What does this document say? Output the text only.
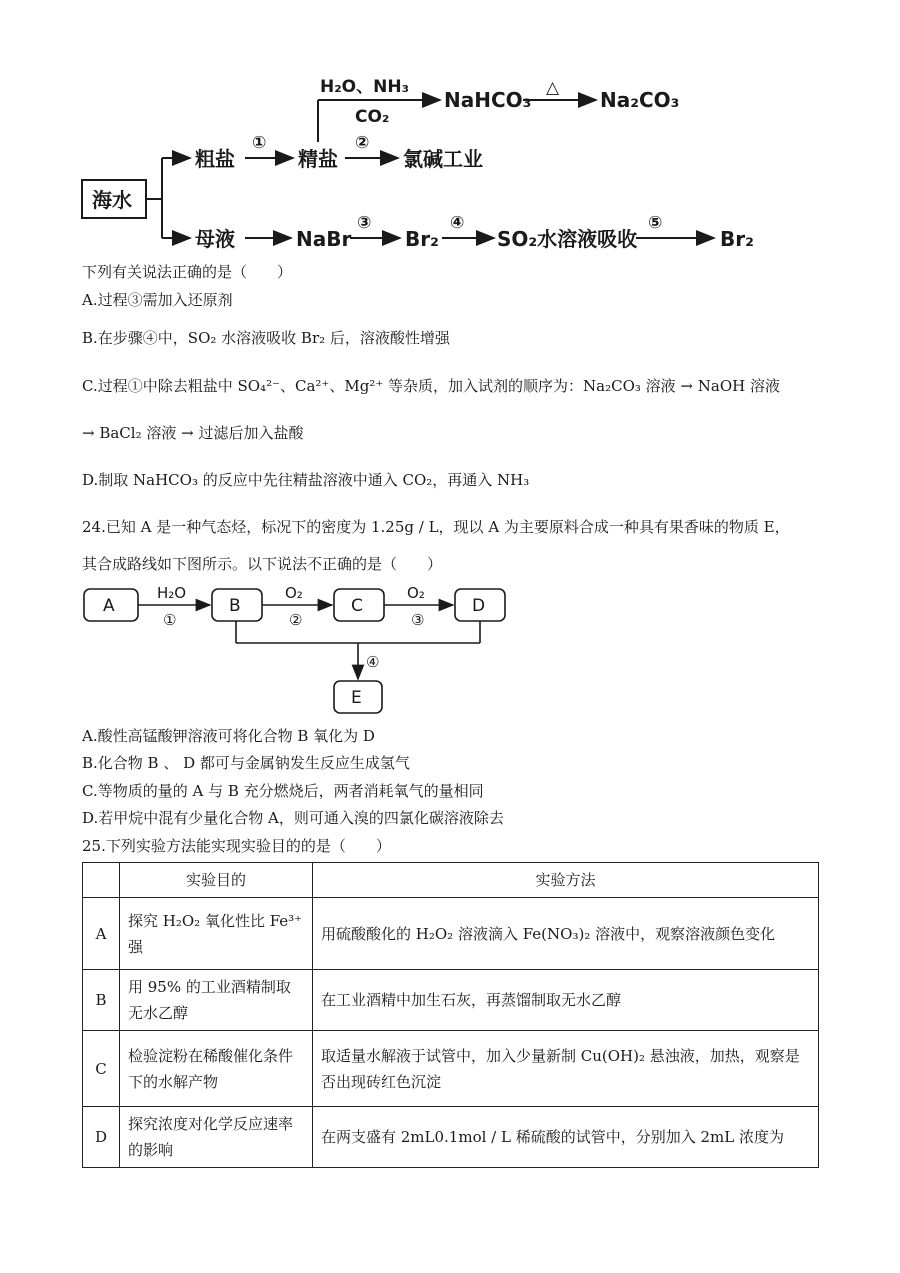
海水
粗盐	精盐	氯碱工业
母液	NaBr	Br₂	SO₂水溶液吸收	Br₂
NaHCO₃	Na₂CO₃
H₂O、NH₃
CO₂
△
①	②
③	④	⑤
下列有关说法正确的是（　　）
A.过程③需加入还原剂
B.在步骤④中，SO₂ 水溶液吸收 Br₂ 后，溶液酸性增强
C.过程①中除去粗盐中 SO₄²⁻、Ca²⁺、Mg²⁺ 等杂质，加入试剂的顺序为：Na₂CO₃ 溶液 → NaOH 溶液
→ BaCl₂ 溶液 → 过滤后加入盐酸
D.制取 NaHCO₃ 的反应中先往精盐溶液中通入 CO₂，再通入 NH₃
24.已知 A 是一种气态烃，标况下的密度为 1.25g / L，现以 A 为主要原料合成一种具有果香味的物质 E，
其合成路线如下图所示。以下说法不正确的是（　　）
A	B	C	D
E
H₂O	O₂	O₂
①	②	③
④
A.酸性高锰酸钾溶液可将化合物 B 氧化为 D
B.化合物 B 、 D 都可与金属钠发生反应生成氢气
C.等物质的量的 A 与 B 充分燃烧后，两者消耗氧气的量相同
D.若甲烷中混有少量化合物 A，则可通入溴的四氯化碳溶液除去
25.下列实验方法能实现实验目的的是（　　）
	实验目的	实验方法
A	探究 H₂O₂ 氧化性比 Fe³⁺ 强	用硫酸酸化的 H₂O₂ 溶液滴入 Fe(NO₃)₂ 溶液中，观察溶液颜色变化
B	用 95% 的工业酒精制取无水乙醇	在工业酒精中加生石灰，再蒸馏制取无水乙醇
C	检验淀粉在稀酸催化条件下的水解产物	取适量水解液于试管中，加入少量新制 Cu(OH)₂ 悬浊液，加热，观察是否出现砖红色沉淀
D	探究浓度对化学反应速率的影响	在两支盛有 2mL0.1mol / L 稀硫酸的试管中，分别加入 2mL 浓度为
